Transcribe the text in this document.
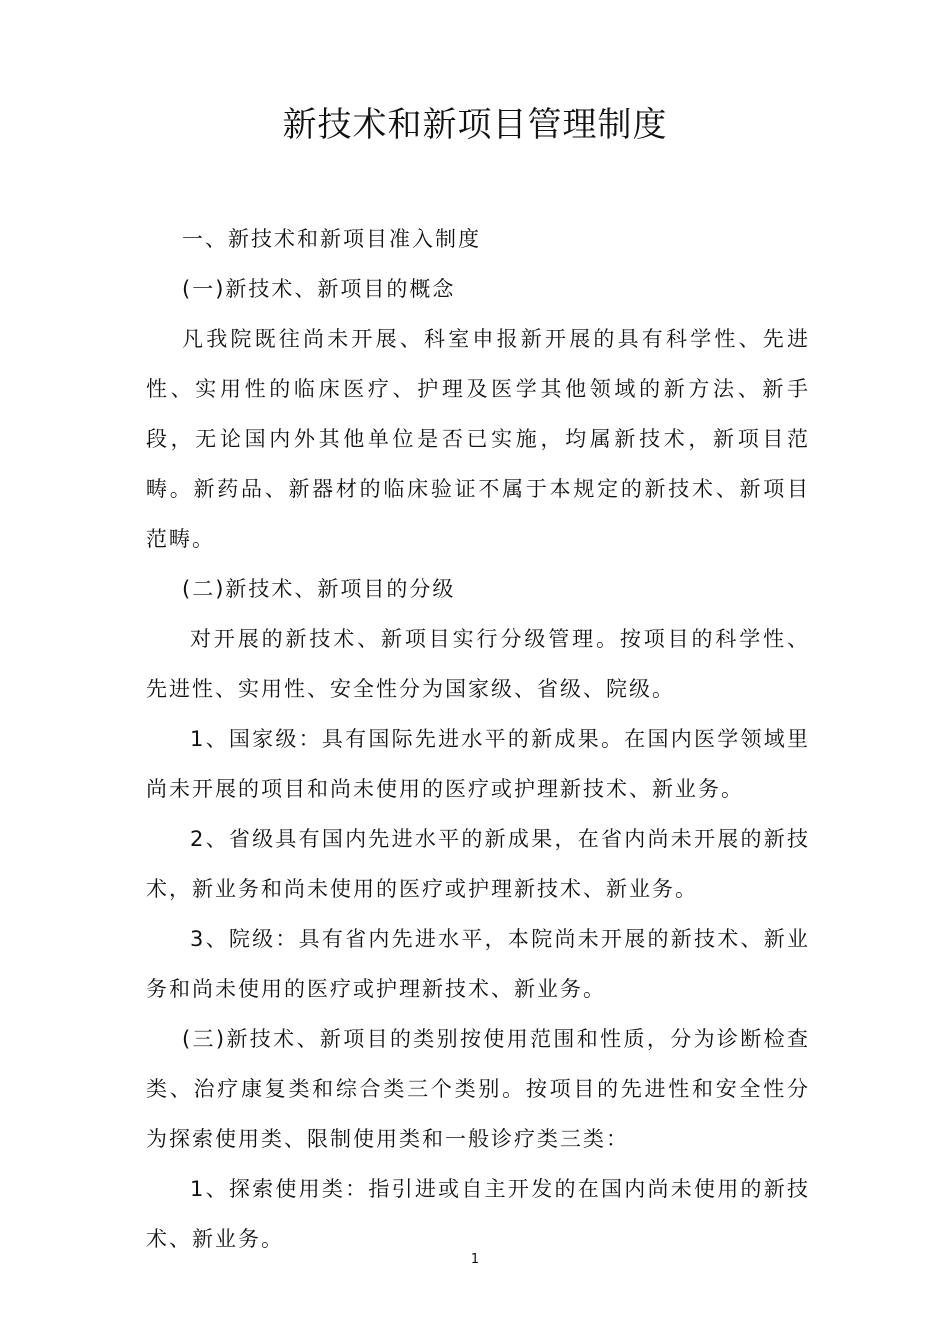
新技术和新项目管理制度

一、新技术和新项目准入制度

(一)新技术、新项目的概念

凡我院既往尚未开展、科室申报新开展的具有科学性、先进性、实用性的临床医疗、护理及医学其他领域的新方法、新手段，无论国内外其他单位是否已实施，均属新技术，新项目范畴。新药品、新器材的临床验证不属于本规定的新技术、新项目范畴。

(二)新技术、新项目的分级

对开展的新技术、新项目实行分级管理。按项目的科学性、先进性、实用性、安全性分为国家级、省级、院级。

1、国家级：具有国际先进水平的新成果。在国内医学领域里尚未开展的项目和尚未使用的医疗或护理新技术、新业务。

2、省级具有国内先进水平的新成果，在省内尚未开展的新技术，新业务和尚未使用的医疗或护理新技术、新业务。

3、院级：具有省内先进水平，本院尚未开展的新技术、新业务和尚未使用的医疗或护理新技术、新业务。

(三)新技术、新项目的类别按使用范围和性质，分为诊断检查类、治疗康复类和综合类三个类别。按项目的先进性和安全性分为探索使用类、限制使用类和一般诊疗类三类：

1、探索使用类：指引进或自主开发的在国内尚未使用的新技术、新业务。

1
